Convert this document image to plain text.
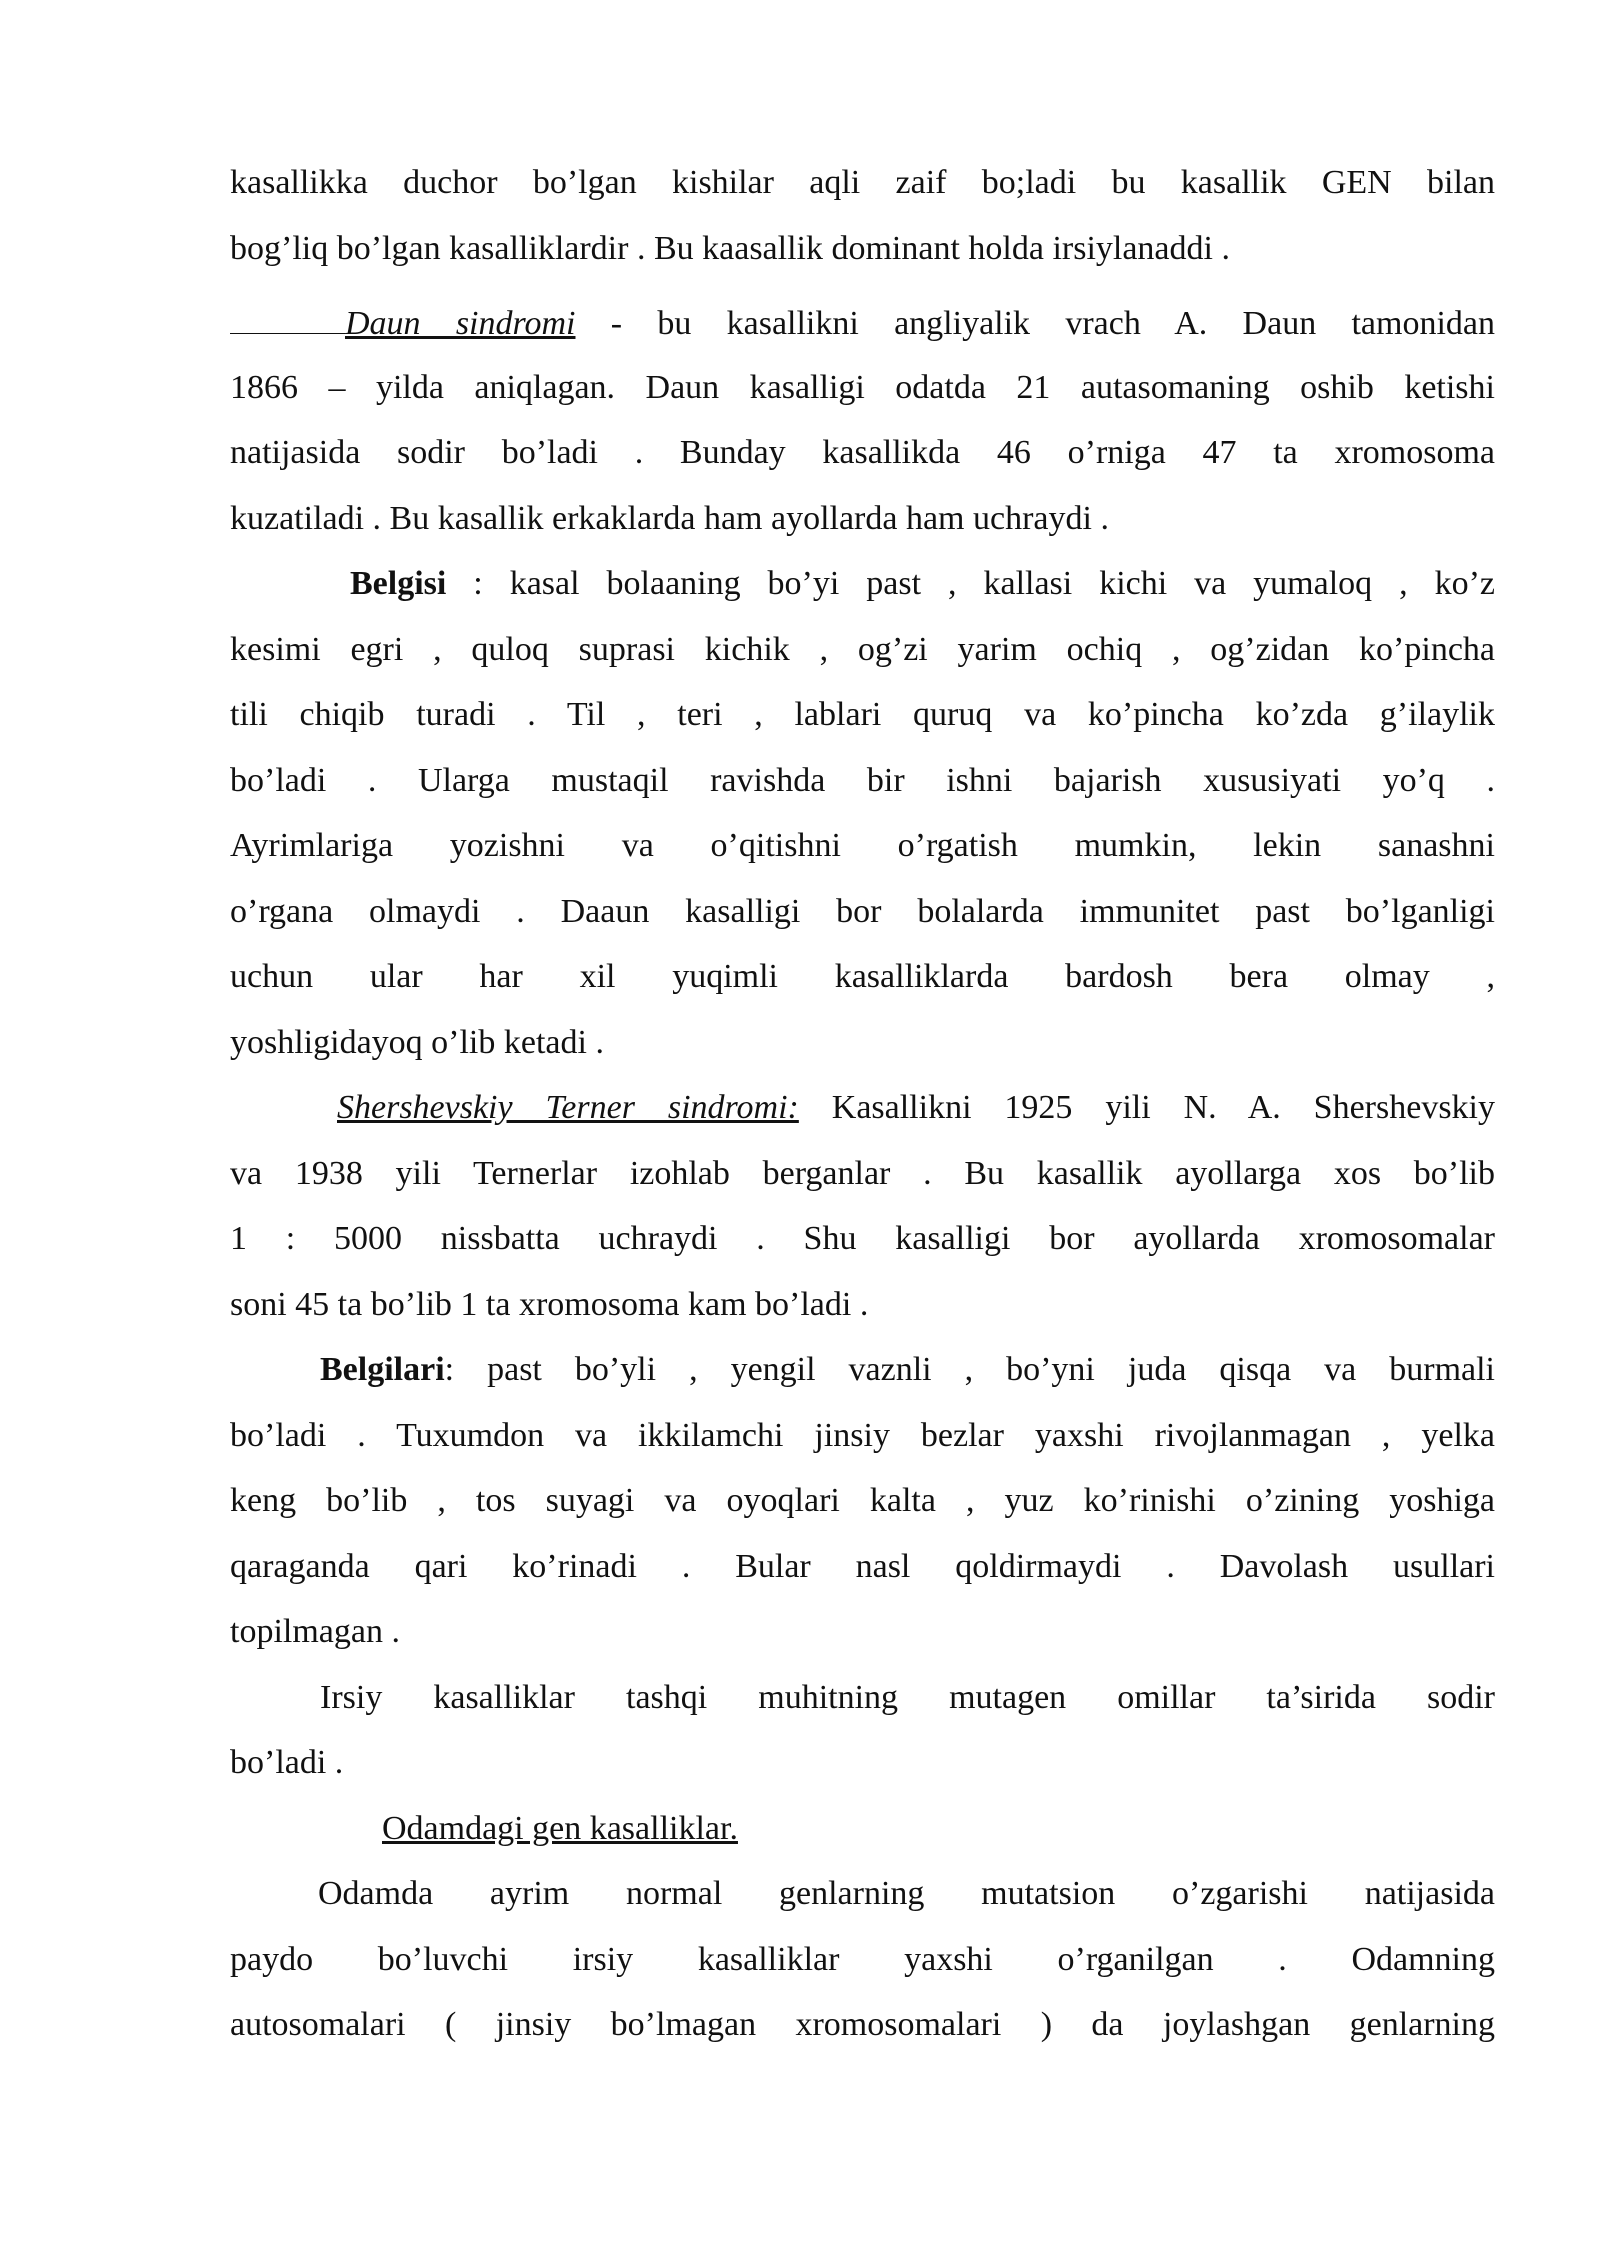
kasallikka duchor bo’lgan kishilar aqli zaif bo;ladi bu kasallik GEN bilan
bog’liq bo’lgan kasalliklardir . Bu kaasallik dominant holda irsiylanaddi .
Daun sindromi - bu kasallikni angliyalik vrach A. Daun tamonidan
1866 – yilda aniqlagan. Daun kasalligi odatda 21 autasomaning oshib ketishi
natijasida sodir bo’ladi . Bunday kasallikda 46 o’rniga 47 ta xromosoma
kuzatiladi . Bu kasallik erkaklarda ham ayollarda ham uchraydi .
Belgisi : kasal bolaaning bo’yi past , kallasi kichi va yumaloq , ko’z
kesimi egri , quloq suprasi kichik , og’zi yarim ochiq , og’zidan ko’pincha
tili chiqib turadi . Til , teri , lablari quruq va ko’pincha ko’zda g’ilaylik
bo’ladi . Ularga mustaqil ravishda bir ishni bajarish xususiyati yo’q .
Ayrimlariga yozishni va o’qitishni o’rgatish mumkin, lekin sanashni
o’rgana olmaydi . Daaun kasalligi bor bolalarda immunitet past bo’lganligi
uchun ular har xil yuqimli kasalliklarda bardosh bera olmay ,
yoshligidayoq o’lib ketadi .
Shershevskiy Terner sindromi: Kasallikni 1925 yili N. A. Shershevskiy
va 1938 yili Ternerlar izohlab berganlar . Bu kasallik ayollarga xos bo’lib
1 : 5000 nissbatta uchraydi . Shu kasalligi bor ayollarda xromosomalar
soni 45 ta bo’lib 1 ta xromosoma kam bo’ladi .
Belgilari: past bo’yli , yengil vaznli , bo’yni juda qisqa va burmali
bo’ladi . Tuxumdon va ikkilamchi jinsiy bezlar yaxshi rivojlanmagan , yelka
keng bo’lib , tos suyagi va oyoqlari kalta , yuz ko’rinishi o’zining yoshiga
qaraganda qari ko’rinadi . Bular nasl qoldirmaydi . Davolash usullari
topilmagan .
Irsiy kasalliklar tashqi muhitning mutagen omillar ta’sirida sodir
bo’ladi .
Odamdagi gen kasalliklar.
Odamda ayrim normal genlarning mutatsion o’zgarishi natijasida
paydo bo’luvchi irsiy kasalliklar yaxshi o’rganilgan . Odamning
autosomalari ( jinsiy bo’lmagan xromosomalari ) da joylashgan genlarning
